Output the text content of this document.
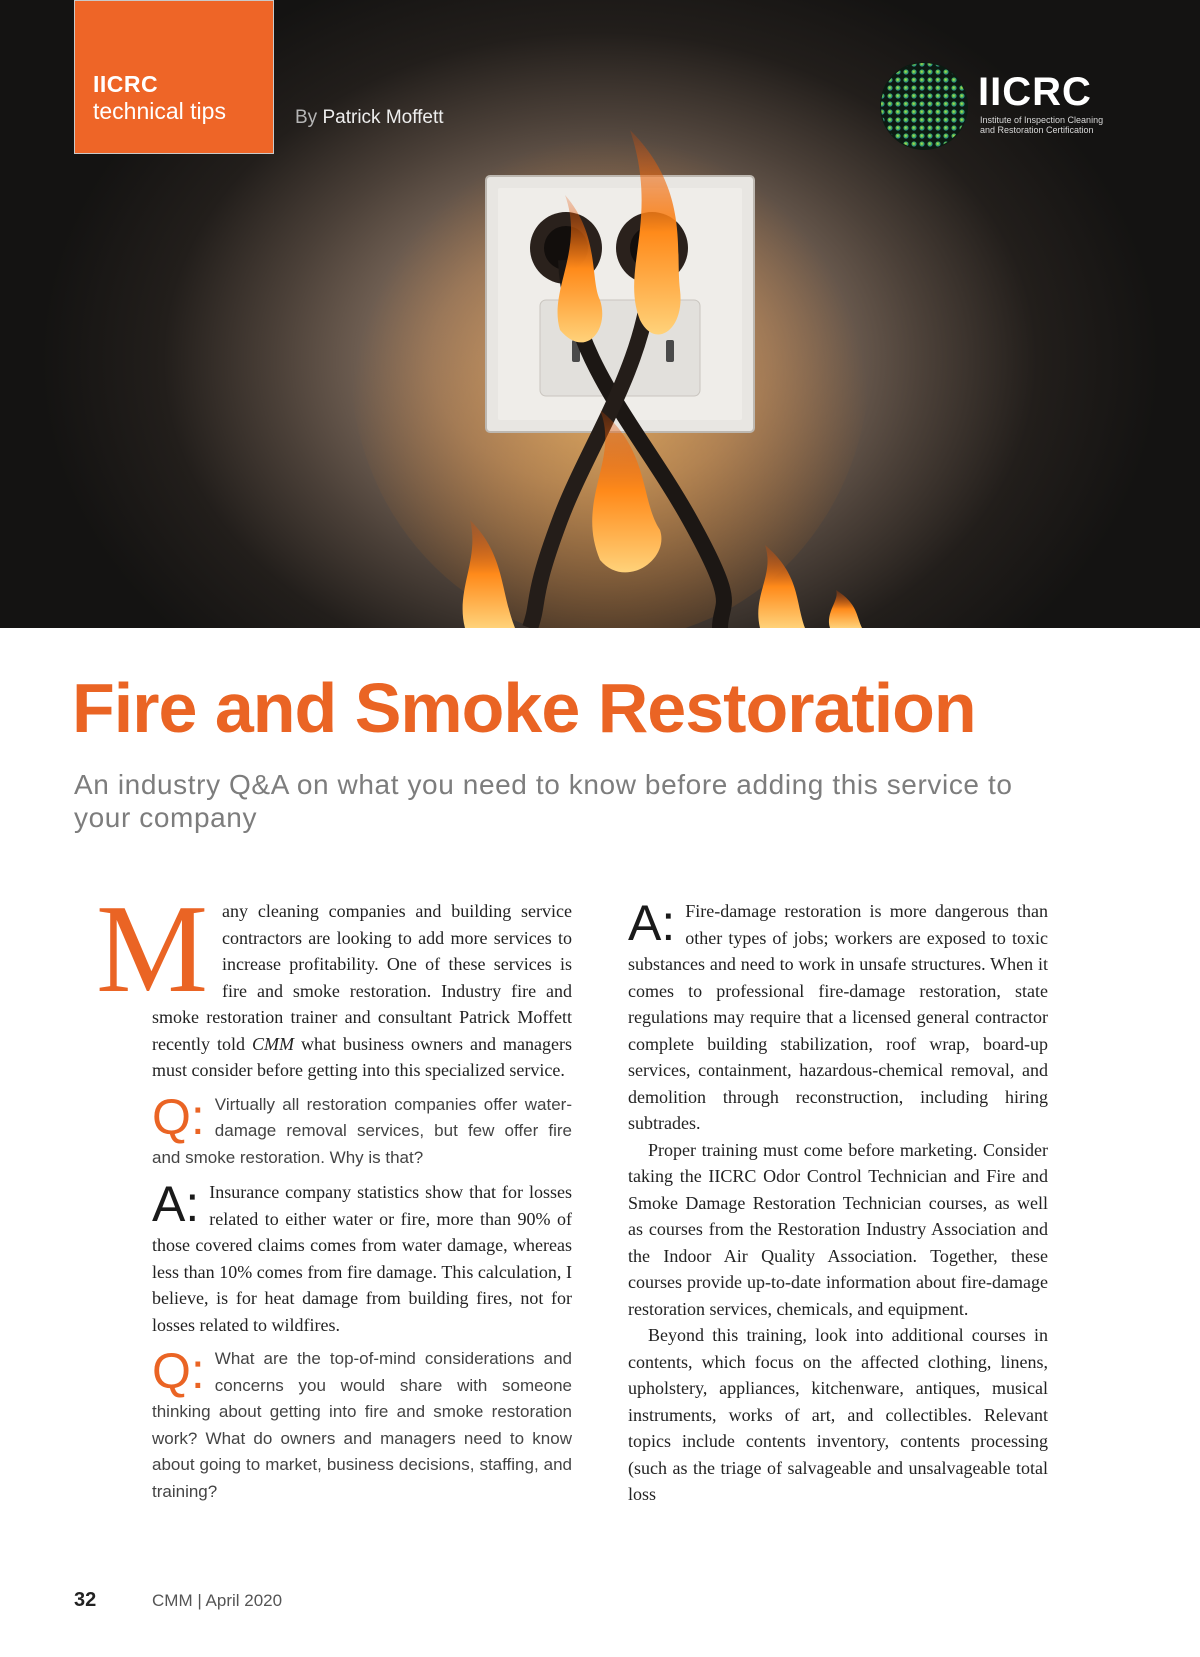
IICRC
technical tips	By Patrick Moffett
IICRC
Institute of Inspection Cleaning
and Restoration Certification
Fire and Smoke Restoration

An industry Q&A on what you need to know before adding this service to your company

Many cleaning companies and building service contractors are looking to add more services to increase profitability. One of these services is fire and smoke restoration. Industry fire and smoke restoration trainer and consultant Patrick Moffett recently told CMM what business owners and managers must consider before getting into this specialized service.

Q: Virtually all restoration companies offer water-damage removal services, but few offer fire and smoke restoration. Why is that?

A: Insurance company statistics show that for losses related to either water or fire, more than 90% of those covered claims comes from water damage, whereas less than 10% comes from fire damage. This calculation, I believe, is for heat damage from building fires, not for losses related to wildfires.

Q: What are the top-of-mind considerations and concerns you would share with someone thinking about getting into fire and smoke restoration work? What do owners and managers need to know about going to market, business decisions, staffing, and training?

A: Fire-damage restoration is more dangerous than other types of jobs; workers are exposed to toxic substances and need to work in unsafe structures. When it comes to professional fire-damage restoration, state regulations may require that a licensed general contractor complete building stabilization, roof wrap, board-up services, containment, hazardous-chemical removal, and demolition through reconstruction, including hiring subtrades.

Proper training must come before marketing. Consider taking the IICRC Odor Control Technician and Fire and Smoke Damage Restoration Technician courses, as well as courses from the Restoration Industry Association and the Indoor Air Quality Association. Together, these courses provide up-to-date information about fire-damage restoration services, chemicals, and equipment.

Beyond this training, look into additional courses in contents, which focus on the affected clothing, linens, upholstery, appliances, kitchenware, antiques, musical instruments, works of art, and collectibles. Relevant topics include contents inventory, contents processing (such as the triage of salvageable and unsalvageable total loss

32	CMM | April 2020
